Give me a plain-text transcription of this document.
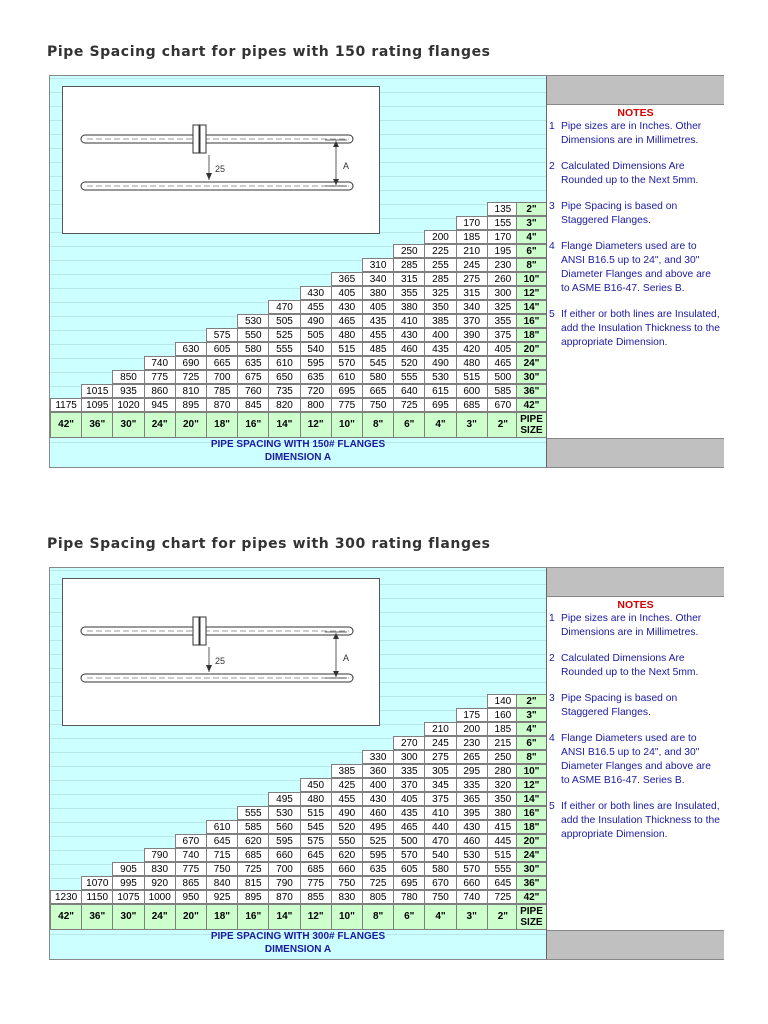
Pipe Spacing chart for pipes with 150 rating flanges
25	A
135	2"
170	155	3"
200	185	170	4"
250	225	210	195	6"
310	285	255	245	230	8"
365	340	315	285	275	260	10"
430	405	380	355	325	315	300	12"
470	455	430	405	380	350	340	325	14"
530	505	490	465	435	410	385	370	355	16"
575	550	525	505	480	455	430	400	390	375	18"
630	605	580	555	540	515	485	460	435	420	405	20"
740	690	665	635	610	595	570	545	520	490	480	465	24"
850	775	725	700	675	650	635	610	580	555	530	515	500	30"
1015	935	860	810	785	760	735	720	695	665	640	615	600	585	36"
1175 1095 1020	945	895	870	845	820	800	775	750	725	695	685	670	42"
42"	36"	30"	24"	20"	18"	16"	14"	12"	10"	8"	6"	4"	3"	2"	PIPE SIZE
PIPE SPACING WITH 150# FLANGES
DIMENSION A
NOTES
1 Pipe sizes are in Inches. Other Dimensions are in Millimetres.
2 Calculated Dimensions Are Rounded up to the Next 5mm.
3 Pipe Spacing is based on Staggered Flanges.
4 Flange Diameters used are to ANSI B16.5 up to 24", and 30" Diameter Flanges and above are to ASME B16-47. Series B.
5 If either or both lines are Insulated, add the Insulation Thickness to the appropriate Dimension.
Pipe Spacing chart for pipes with 300 rating flanges
25	A
140	2"
175	160	3"
210	200	185	4"
270	245	230	215	6"
330	300	275	265	250	8"
385	360	335	305	295	280	10"
450	425	400	370	345	335	320	12"
495	480	455	430	405	375	365	350	14"
555	530	515	490	460	435	410	395	380	16"
610	585	560	545	520	495	465	440	430	415	18"
670	645	620	595	575	550	525	500	470	460	445	20"
790	740	715	685	660	645	620	595	570	540	530	515	24"
905	830	775	750	725	700	685	660	635	605	580	570	555	30"
1070	995	920	865	840	815	790	775	750	725	695	670	660	645	36"
1230 1150 1075 1000	950	925	895	870	855	830	805	780	750	740	725	42"
42"	36"	30"	24"	20"	18"	16"	14"	12"	10"	8"	6"	4"	3"	2"	PIPE SIZE
PIPE SPACING WITH 300# FLANGES
DIMENSION A
NOTES
1 Pipe sizes are in Inches. Other Dimensions are in Millimetres.
2 Calculated Dimensions Are Rounded up to the Next 5mm.
3 Pipe Spacing is based on Staggered Flanges.
4 Flange Diameters used are to ANSI B16.5 up to 24", and 30" Diameter Flanges and above are to ASME B16-47. Series B.
5 If either or both lines are Insulated, add the Insulation Thickness to the appropriate Dimension.
